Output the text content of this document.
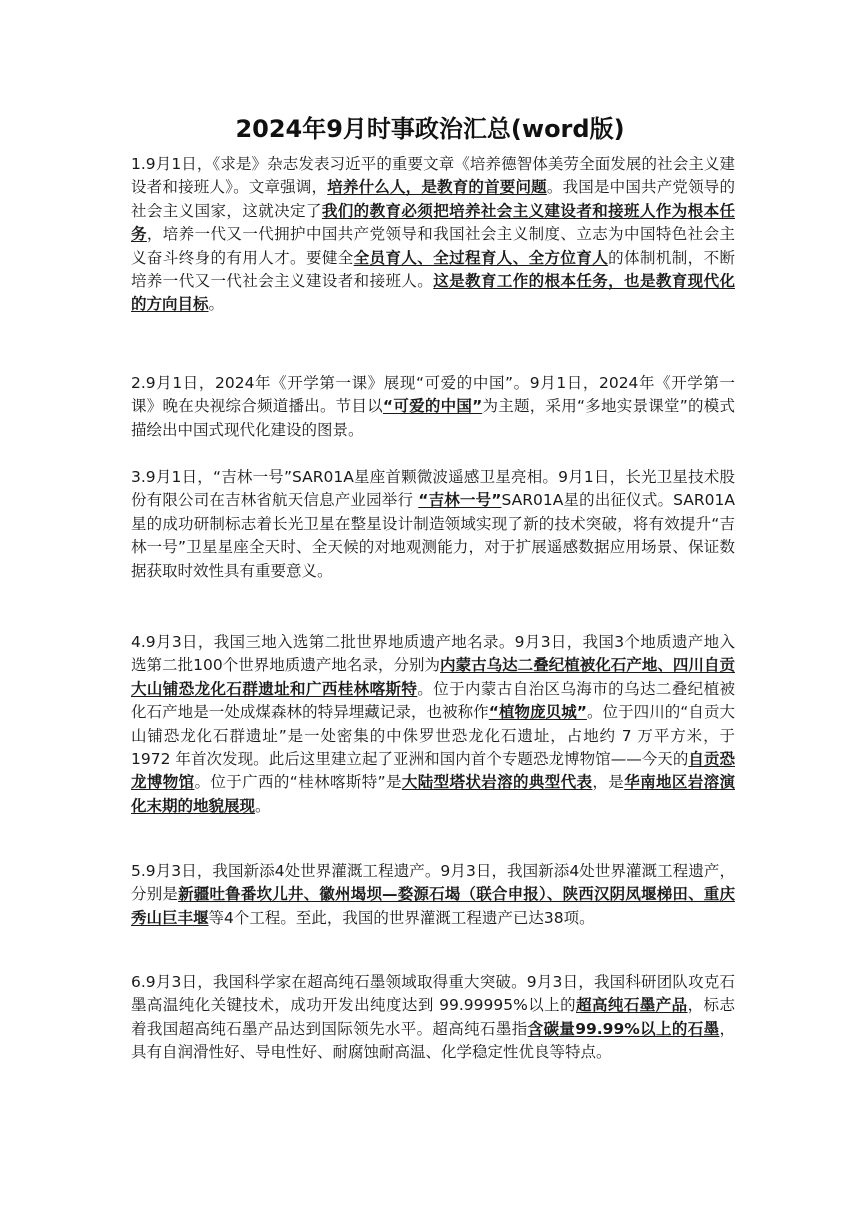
2024年9月时事政治汇总(word版)

1.9月1日，《求是》杂志发表习近平的重要文章《培养德智体美劳全面发展的社会主义建设者和接班人》。文章强调，培养什么人，是教育的首要问题。我国是中国共产党领导的社会主义国家，这就决定了我们的教育必须把培养社会主义建设者和接班人作为根本任务，培养一代又一代拥护中国共产党领导和我国社会主义制度、立志为中国特色社会主义奋斗终身的有用人才。要健全全员育人、全过程育人、全方位育人的体制机制，不断培养一代又一代社会主义建设者和接班人。这是教育工作的根本任务，也是教育现代化的方向目标。

2.9月1日，2024年《开学第一课》展现“可爱的中国”。9月1日，2024年《开学第一课》晚在央视综合频道播出。节目以“可爱的中国”为主题，采用“多地实景课堂”的模式描绘出中国式现代化建设的图景。

3.9月1日，“吉林一号”SAR01A星座首颗微波遥感卫星亮相。9月1日，长光卫星技术股份有限公司在吉林省航天信息产业园举行 “吉林一号”SAR01A星的出征仪式。SAR01A星的成功研制标志着长光卫星在整星设计制造领域实现了新的技术突破，将有效提升“吉林一号”卫星星座全天时、全天候的对地观测能力，对于扩展遥感数据应用场景、保证数据获取时效性具有重要意义。

4.9月3日，我国三地入选第二批世界地质遗产地名录。9月3日，我国3个地质遗产地入选第二批100个世界地质遗产地名录，分别为内蒙古乌达二叠纪植被化石产地、四川自贡大山铺恐龙化石群遗址和广西桂林喀斯特。位于内蒙古自治区乌海市的乌达二叠纪植被化石产地是一处成煤森林的特异埋藏记录，也被称作“植物庞贝城”。位于四川的“自贡大山铺恐龙化石群遗址”是一处密集的中侏罗世恐龙化石遗址，占地约 7 万平方米，于 1972 年首次发现。此后这里建立起了亚洲和国内首个专题恐龙博物馆——今天的自贡恐龙博物馆。位于广西的“桂林喀斯特”是大陆型塔状岩溶的典型代表，是华南地区岩溶演化末期的地貌展现。

5.9月3日，我国新添4处世界灌溉工程遗产。9月3日，我国新添4处世界灌溉工程遗产，分别是新疆吐鲁番坎儿井、徽州堨坝—婺源石堨（联合申报）、陕西汉阴凤堰梯田、重庆秀山巨丰堰等4个工程。至此，我国的世界灌溉工程遗产已达38项。

6.9月3日，我国科学家在超高纯石墨领域取得重大突破。9月3日，我国科研团队攻克石墨高温纯化关键技术，成功开发出纯度达到 99.99995%以上的超高纯石墨产品，标志着我国超高纯石墨产品达到国际领先水平。超高纯石墨指含碳量99.99%以上的石墨，具有自润滑性好、导电性好、耐腐蚀耐高温、化学稳定性优良等特点。
